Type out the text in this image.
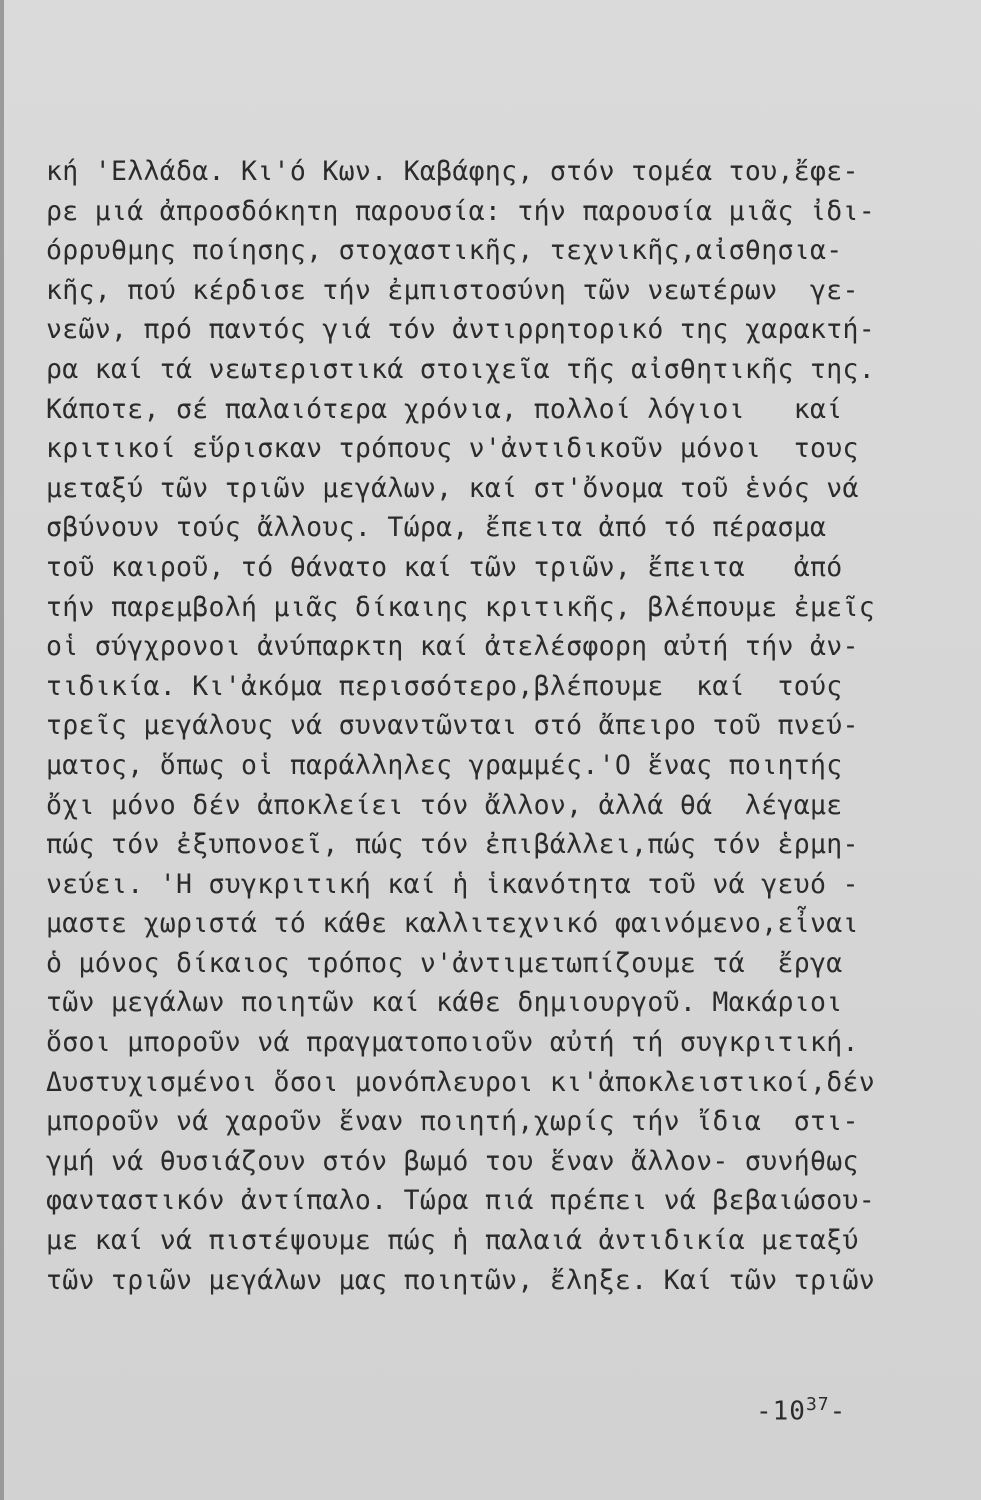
κή 'Ελλάδα. Κι'ό Κων. Καβάφης, στόν τομέα του,ἔφε-
ρε μιά ἀπροσδόκητη παρουσία: τήν παρουσία μιᾶς ἰδι-
όρρυθμης ποίησης, στοχαστικῆς, τεχνικῆς,αἰσθησια-
κῆς, πού κέρδισε τήν ἐμπιστοσύνη τῶν νεωτέρων  γε-
νεῶν, πρό παντός γιά τόν ἀντιρρητορικό της χαρακτή-
ρα καί τά νεωτεριστικά στοιχεῖα τῆς αἰσθητικῆς της.
Κάποτε, σέ παλαιότερα χρόνια, πολλοί λόγιοι   καί
κριτικοί εὕρισκαν τρόπους ν'ἀντιδικοῦν μόνοι  τους
μεταξύ τῶν τριῶν μεγάλων, καί στ'ὄνομα τοῦ ἑνός νά
σβύνουν τούς ἄλλους. Τώρα, ἔπειτα ἀπό τό πέρασμα
τοῦ καιροῦ, τό θάνατο καί τῶν τριῶν, ἔπειτα   ἀπό
τήν παρεμβολή μιᾶς δίκαιης κριτικῆς, βλέπουμε ἐμεῖς
οἱ σύγχρονοι ἀνύπαρκτη καί ἀτελέσφορη αὐτή τήν ἀν-
τιδικία. Κι'ἀκόμα περισσότερο,βλέπουμε  καί  τούς
τρεῖς μεγάλους νά συναντῶνται στό ἄπειρο τοῦ πνεύ-
ματος, ὅπως οἱ παράλληλες γραμμές.'Ο ἕνας ποιητής
ὄχι μόνο δέν ἀποκλείει τόν ἄλλον, ἀλλά θά  λέγαμε
πώς τόν ἐξυπονοεῖ, πώς τόν ἐπιβάλλει,πώς τόν ἑρμη-
νεύει. 'Η συγκριτική καί ἡ ἱκανότητα τοῦ νά γευό -
μαστε χωριστά τό κάθε καλλιτεχνικό φαινόμενο,εἶναι
ὁ μόνος δίκαιος τρόπος ν'ἀντιμετωπίζουμε τά  ἔργα
τῶν μεγάλων ποιητῶν καί κάθε δημιουργοῦ. Μακάριοι
ὅσοι μποροῦν νά πραγματοποιοῦν αὐτή τή συγκριτική.
Δυστυχισμένοι ὅσοι μονόπλευροι κι'ἀποκλειστικοί,δέν
μποροῦν νά χαροῦν ἕναν ποιητή,χωρίς τήν ἴδια  στι-
γμή νά θυσιάζουν στόν βωμό του ἕναν ἄλλον- συνήθως
φανταστικόν ἀντίπαλο. Τώρα πιά πρέπει νά βεβαιώσου-
με καί νά πιστέψουμε πώς ἡ παλαιά ἀντιδικία μεταξύ
τῶν τριῶν μεγάλων μας ποιητῶν, ἔληξε. Καί τῶν τριῶν
$-10^{37}-$
